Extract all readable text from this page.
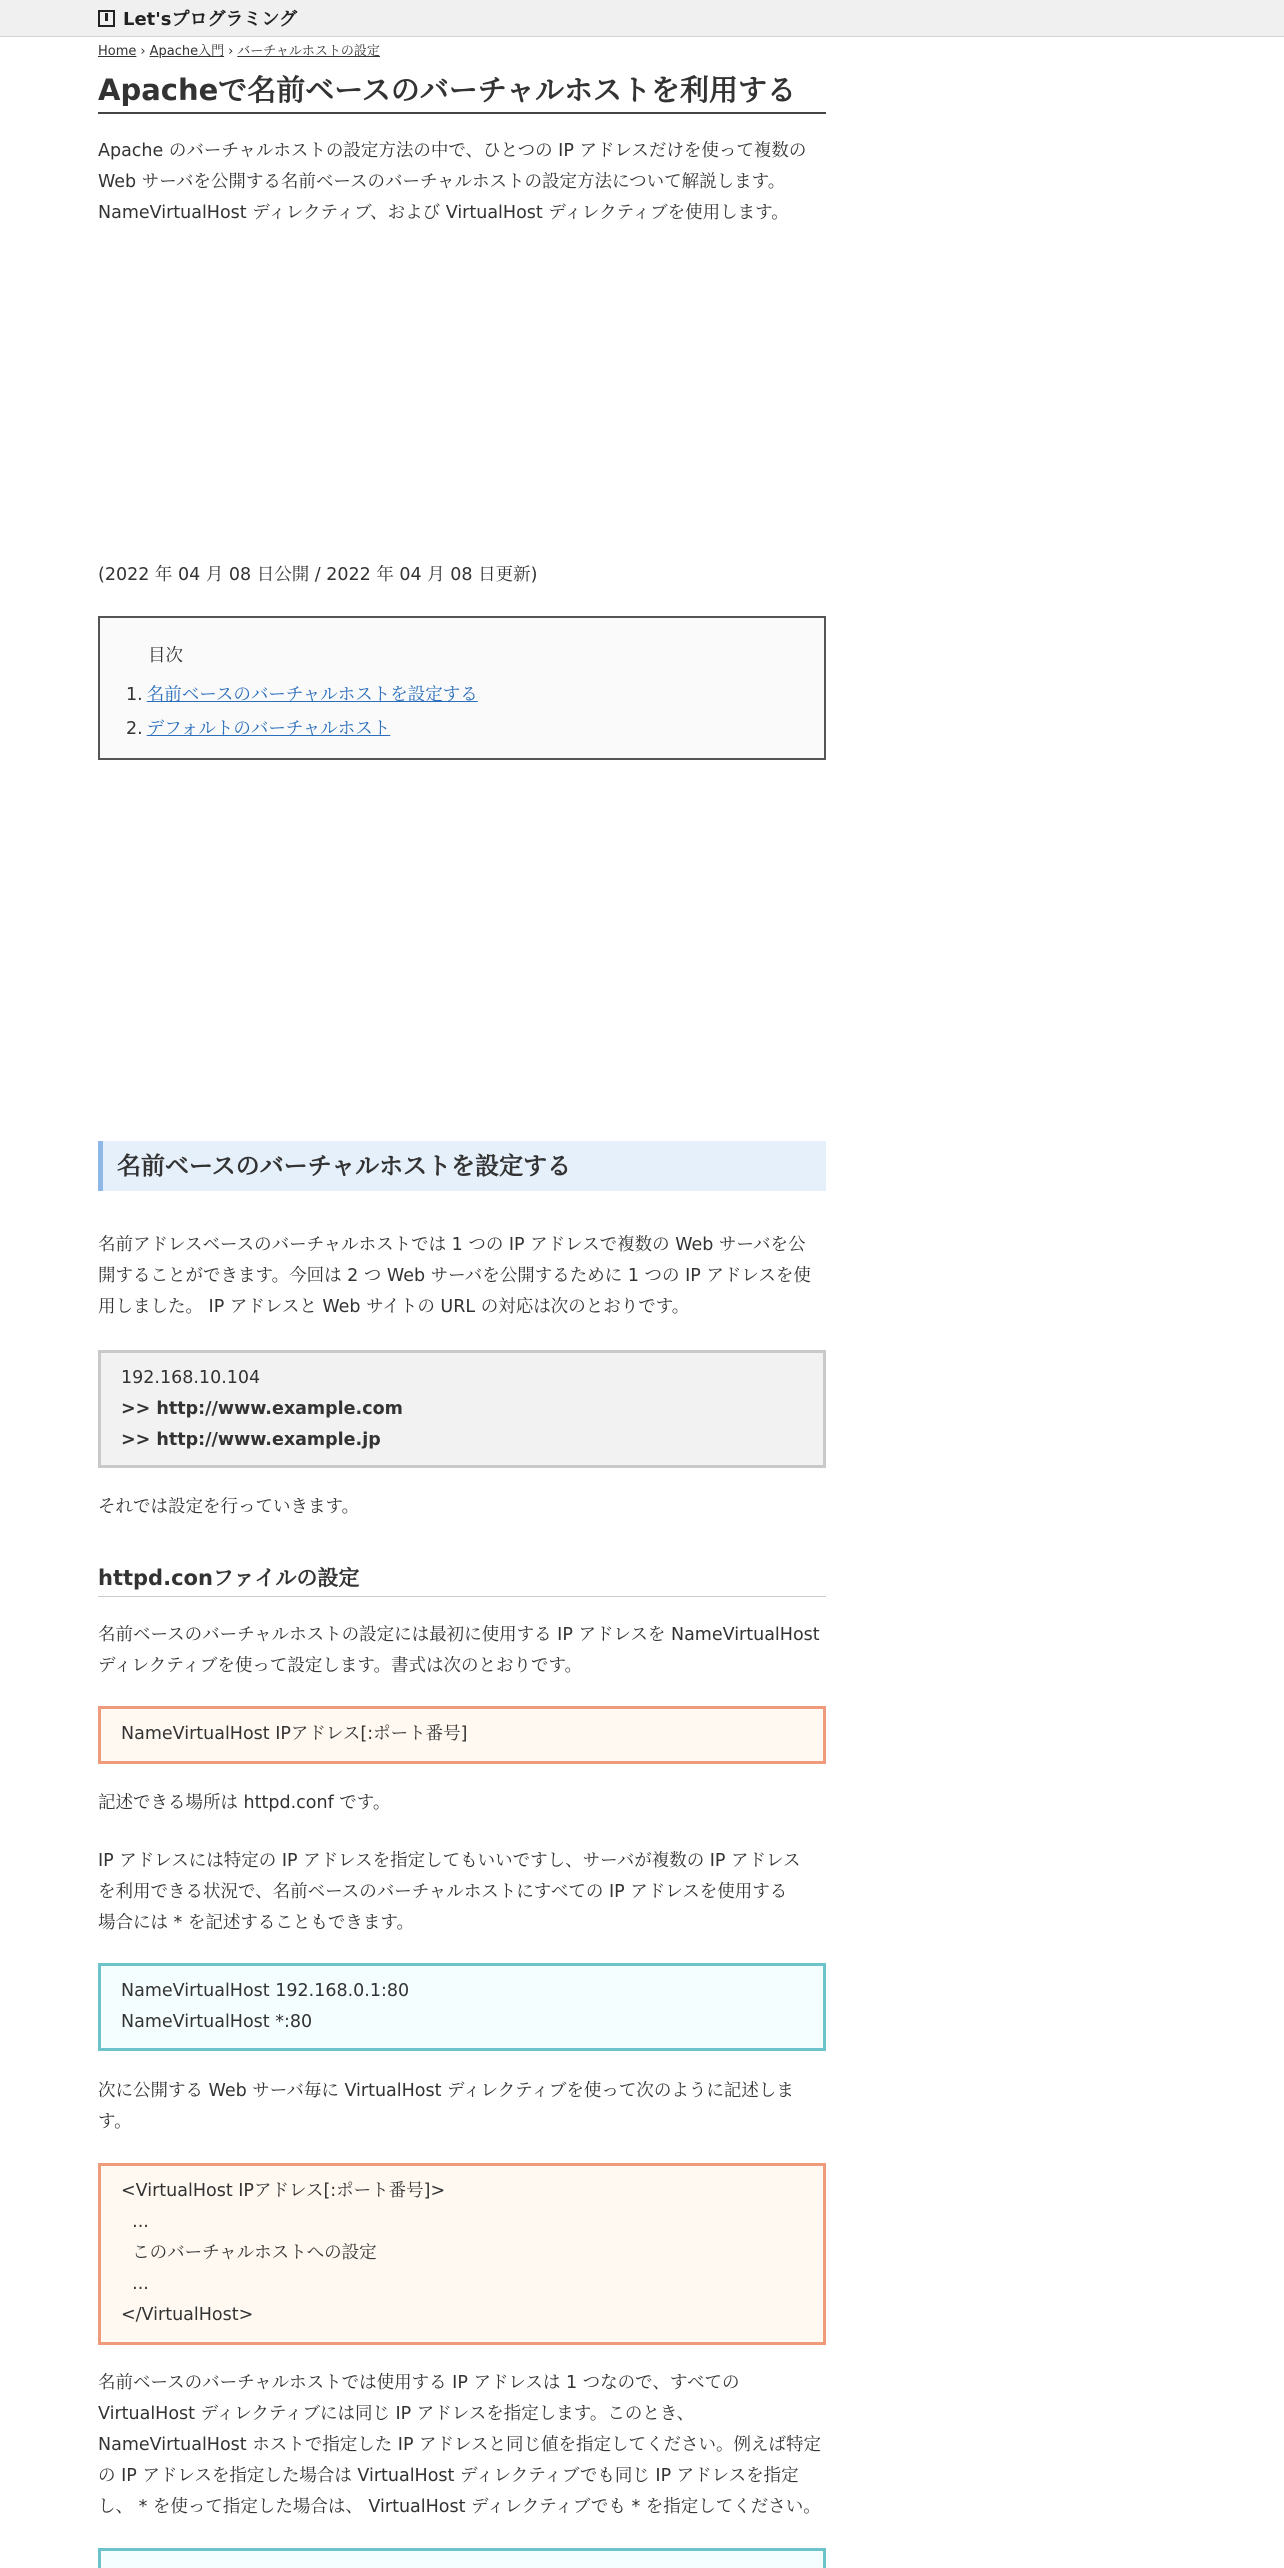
Let'sプログラミング
Home › Apache入門 › バーチャルホストの設定
Apacheで名前ベースのバーチャルホストを利用する

Apache のバーチャルホストの設定方法の中で、ひとつの IP アドレスだけを使って複数の

Web サーバを公開する名前ベースのバーチャルホストの設定方法について解説します。

NameVirtualHost ディレクティブ、および VirtualHost ディレクティブを使用します。

(2022 年 04 月 08 日公開 / 2022 年 04 月 08 日更新)
目次
1. 名前ベースのバーチャルホストを設定する
2. デフォルトのバーチャルホスト
名前ベースのバーチャルホストを設定する

名前アドレスベースのバーチャルホストでは 1 つの IP アドレスで複数の Web サーバを公

開することができます。今回は 2 つ Web サーバを公開するために 1 つの IP アドレスを使

用しました。 IP アドレスと Web サイトの URL の対応は次のとおりです。

192.168.10.104
>> http://www.example.com
>> http://www.example.jp

それでは設定を行っていきます。

httpd.conファイルの設定

名前ベースのバーチャルホストの設定には最初に使用する IP アドレスを NameVirtualHost

ディレクティブを使って設定します。書式は次のとおりです。

NameVirtualHost IPアドレス[:ポート番号]

記述できる場所は httpd.conf です。

IP アドレスには特定の IP アドレスを指定してもいいですし、サーバが複数の IP アドレス

を利用できる状況で、名前ベースのバーチャルホストにすべての IP アドレスを使用する

場合には * を記述することもできます。

NameVirtualHost 192.168.0.1:80
NameVirtualHost *:80

次に公開する Web サーバ毎に VirtualHost ディレクティブを使って次のように記述しま

す。

<VirtualHost IPアドレス[:ポート番号]>
...
このバーチャルホストへの設定
...
</VirtualHost>

名前ベースのバーチャルホストでは使用する IP アドレスは 1 つなので、すべての

VirtualHost ディレクティブには同じ IP アドレスを指定します。このとき、

NameVirtualHost ホストで指定した IP アドレスと同じ値を指定してください。例えば特定

の IP アドレスを指定した場合は VirtualHost ディレクティブでも同じ IP アドレスを指定

し、 * を使って指定した場合は、 VirtualHost ディレクティブでも * を指定してください。
